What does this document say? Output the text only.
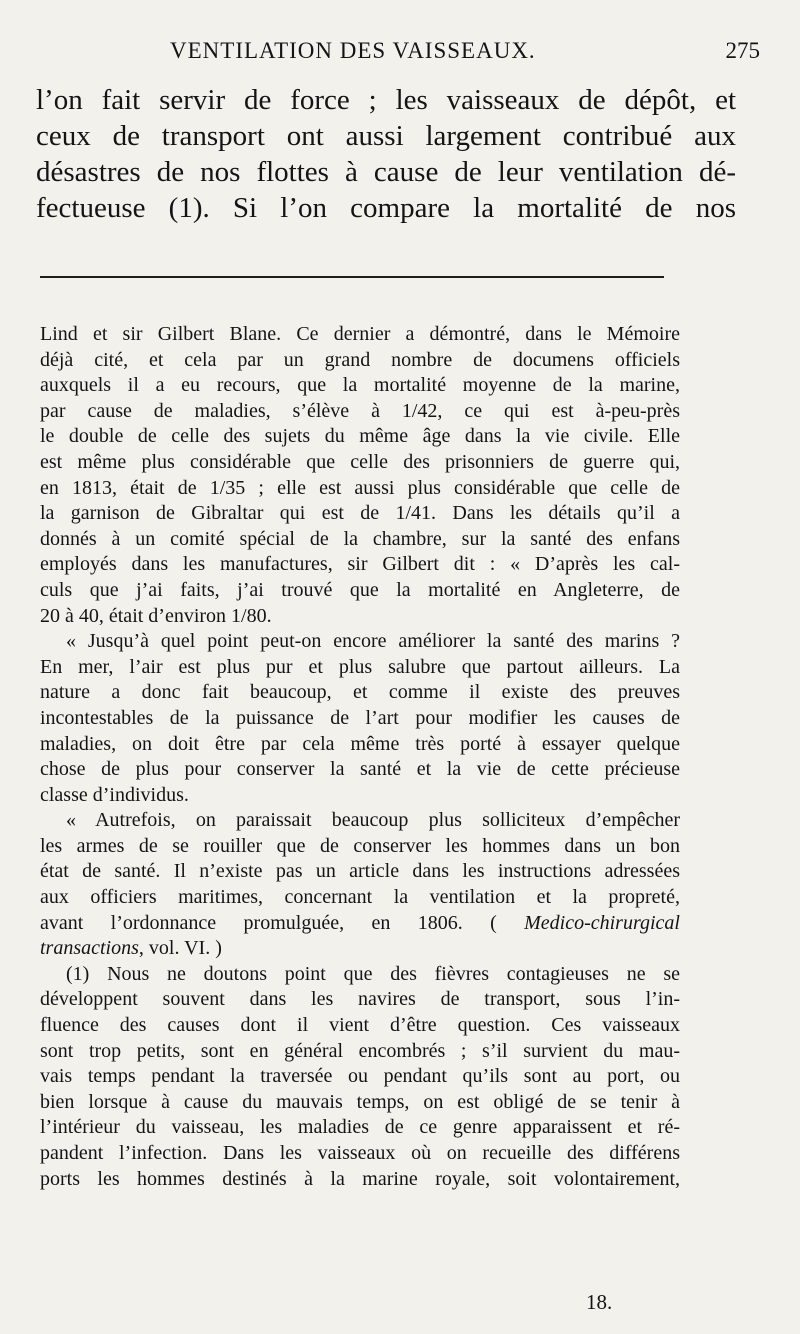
VENTILATION DES VAISSEAUX.	275
l’on fait servir de force ; les vaisseaux de dépôt, et
ceux de transport ont aussi largement contribué aux
désastres de nos flottes à cause de leur ventilation dé-
fectueuse (1). Si l’on compare la mortalité de nos
Lind et sir Gilbert Blane. Ce dernier a démontré, dans le Mémoire
déjà cité, et cela par un grand nombre de documens officiels
auxquels il a eu recours, que la mortalité moyenne de la marine,
par cause de maladies, s’élève à 1/42, ce qui est à-peu-près
le double de celle des sujets du même âge dans la vie civile. Elle
est même plus considérable que celle des prisonniers de guerre qui,
en 1813, était de 1/35 ; elle est aussi plus considérable que celle de
la garnison de Gibraltar qui est de 1/41. Dans les détails qu’il a
donnés à un comité spécial de la chambre, sur la santé des enfans
employés dans les manufactures, sir Gilbert dit : « D’après les cal-
culs que j’ai faits, j’ai trouvé que la mortalité en Angleterre, de
20 à 40, était d’environ 1/80.
« Jusqu’à quel point peut-on encore améliorer la santé des marins ?
En mer, l’air est plus pur et plus salubre que partout ailleurs. La
nature a donc fait beaucoup, et comme il existe des preuves
incontestables de la puissance de l’art pour modifier les causes de
maladies, on doit être par cela même très porté à essayer quelque
chose de plus pour conserver la santé et la vie de cette précieuse
classe d’individus.
« Autrefois, on paraissait beaucoup plus solliciteux d’empêcher
les armes de se rouiller que de conserver les hommes dans un bon
état de santé. Il n’existe pas un article dans les instructions adressées
aux officiers maritimes, concernant la ventilation et la propreté,
avant l’ordonnance promulguée, en 1806. ( Medico-chirurgical
transactions, vol. VI. )
(1) Nous ne doutons point que des fièvres contagieuses ne se
développent souvent dans les navires de transport, sous l’in-
fluence des causes dont il vient d’être question. Ces vaisseaux
sont trop petits, sont en général encombrés ; s’il survient du mau-
vais temps pendant la traversée ou pendant qu’ils sont au port, ou
bien lorsque à cause du mauvais temps, on est obligé de se tenir à
l’intérieur du vaisseau, les maladies de ce genre apparaissent et ré-
pandent l’infection. Dans les vaisseaux où on recueille des différens
ports les hommes destinés à la marine royale, soit volontairement,
18.
